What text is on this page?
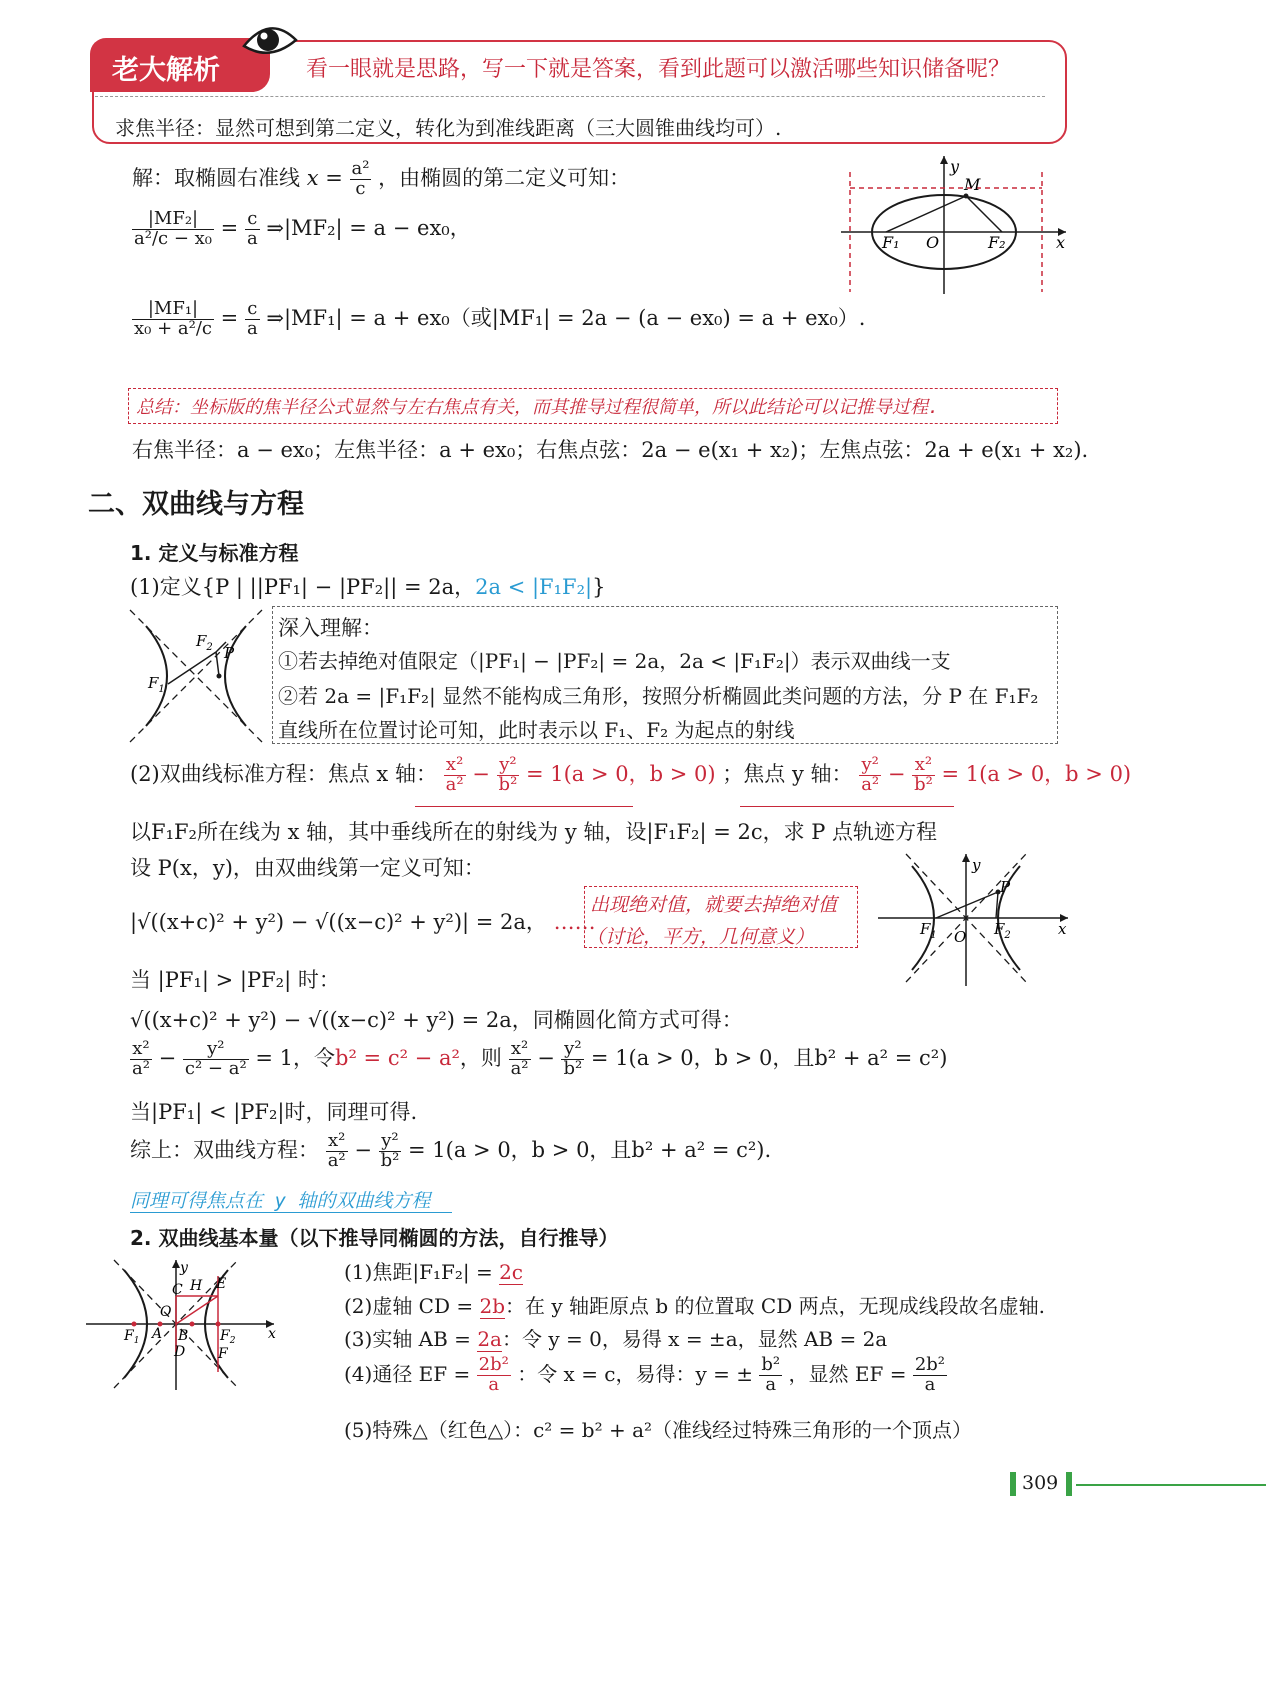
老大解析	看一眼就是思路，写一下就是答案，看到此题可以激活哪些知识储备呢？
求焦半径：显然可想到第二定义，转化为到准线距离（三大圆锥曲线均可）.
解：取椭圆右准线 $x = \frac{\text{a²}}{c}$ ，由椭圆的第二定义可知：
$\frac{\text{|MF₂|}}{\text{a²/c − x₀}} = \frac{c}{a}$ ⇒|MF₂| = a − ex₀，
$\frac{\text{|MF₁|}}{\text{x₀ + a²/c}} = \frac{c}{a}$ ⇒|MF₁| = a + ex₀（或|MF₁| = 2a − (a − ex₀) = a + ex₀）.
y
M
F₁ O	F₂	x
总结：坐标版的焦半径公式显然与左右焦点有关，而其推导过程很简单，所以此结论可以记推导过程.
右焦半径：a − ex₀；左焦半径：a + ex₀；右焦点弦：2a − e(x₁ + x₂)；左焦点弦：2a + e(x₁ + x₂).
二、双曲线与方程
1. 定义与标准方程
(1)定义{P | ||PF₁| − |PF₂|| = 2a，2a < |F₁F₂|}
$F_1$
$F_2$ P
深入理解：
①若去掉绝对值限定（|PF₁| − |PF₂| = 2a，2a < |F₁F₂|）表示双曲线一支
②若 2a = |F₁F₂| 显然不能构成三角形，按照分析椭圆此类问题的方法，分 P 在 F₁F₂
直线所在位置讨论可知，此时表示以 F₁、F₂ 为起点的射线
(2)双曲线标准方程：焦点 x 轴： $\frac{\text{x²}}{\text{a²}} - \frac{\text{y²}}{\text{b²}} = 1(a > 0$，b > 0) ；焦点 y 轴： $\frac{\text{y²}}{\text{a²}} - \frac{\text{x²}}{\text{b²}} = 1(a > 0$，b > 0)
以F₁F₂所在线为 x 轴，其中垂线所在的射线为 y 轴，设|F₁F₂| = 2c，求 P 点轨迹方程
设 P(x，y)，由双曲线第一定义可知：
|√((x+c)² + y²) − √((x−c)² + y²)| = 2a， ……
出现绝对值，就要去掉绝对值
（讨论，平方，几何意义）
y
P
$F_1$ O $F_2$	x
当 |PF₁| > |PF₂| 时：
√((x+c)² + y²) − √((x−c)² + y²) = 2a，同椭圆化简方式可得：
$\frac{\text{x²}}{\text{a²}} - \frac{\text{y²}}{\text{c² − a²}} = 1$，令b² = c² − a²，则 $\frac{\text{x²}}{\text{a²}} - \frac{\text{y²}}{\text{b²}} = 1(a > 0$，b > 0，且b² + a² = c²)
当|PF₁| < |PF₂|时，同理可得.
综上：双曲线方程： $\frac{\text{x²}}{\text{a²}} - \frac{\text{y²}}{\text{b²}} = 1(a > 0$，b > 0，且b² + a² = c²).
同理可得焦点在 y 轴的双曲线方程
2. 双曲线基本量（以下推导同椭圆的方法，自行推导）
y
C H E
O
$F_1$ A B $F_2$
D F
x
(1)焦距|F₁F₂| = 2c
(2)虚轴 CD = 2b：在 y 轴距原点 b 的位置取 CD 两点，无现成线段故名虚轴.
(3)实轴 AB = 2a：令 y = 0，易得 x = ±a，显然 AB = 2a
(4)通径 EF = $\frac{\text{2b²}}{a}$ ：令 x = c，易得：y = ± $\frac{\text{b²}}{a}$ ，显然 EF = $\frac{\text{2b²}}{a}$
(5)特殊△（红色△）：c² = b² + a²（准线经过特殊三角形的一个顶点）
309
